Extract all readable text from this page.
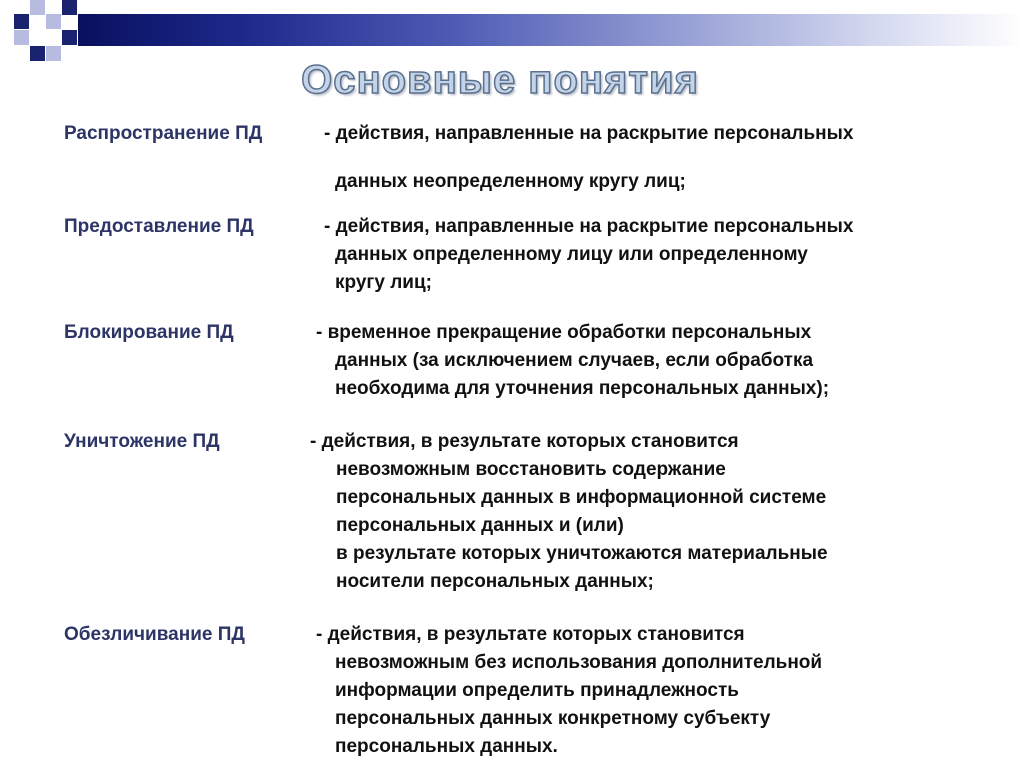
Основные понятия
Распространение ПД	- действия, направленные на раскрытие персональных
данных неопределенному кругу лиц;
Предоставление ПД	- действия, направленные на раскрытие персональных
данных определенному лицу или определенному
кругу лиц;
Блокирование ПД	- временное прекращение обработки персональных
данных (за исключением случаев, если обработка
необходима для уточнения персональных данных);
Уничтожение ПД	- действия, в результате которых становится
невозможным восстановить содержание
персональных данных в информационной системе
персональных данных и (или)
в результате которых уничтожаются материальные
носители персональных данных;
Обезличивание ПД	- действия, в результате которых становится
невозможным без использования дополнительной
информации определить принадлежность
персональных данных конкретному субъекту
персональных данных.
